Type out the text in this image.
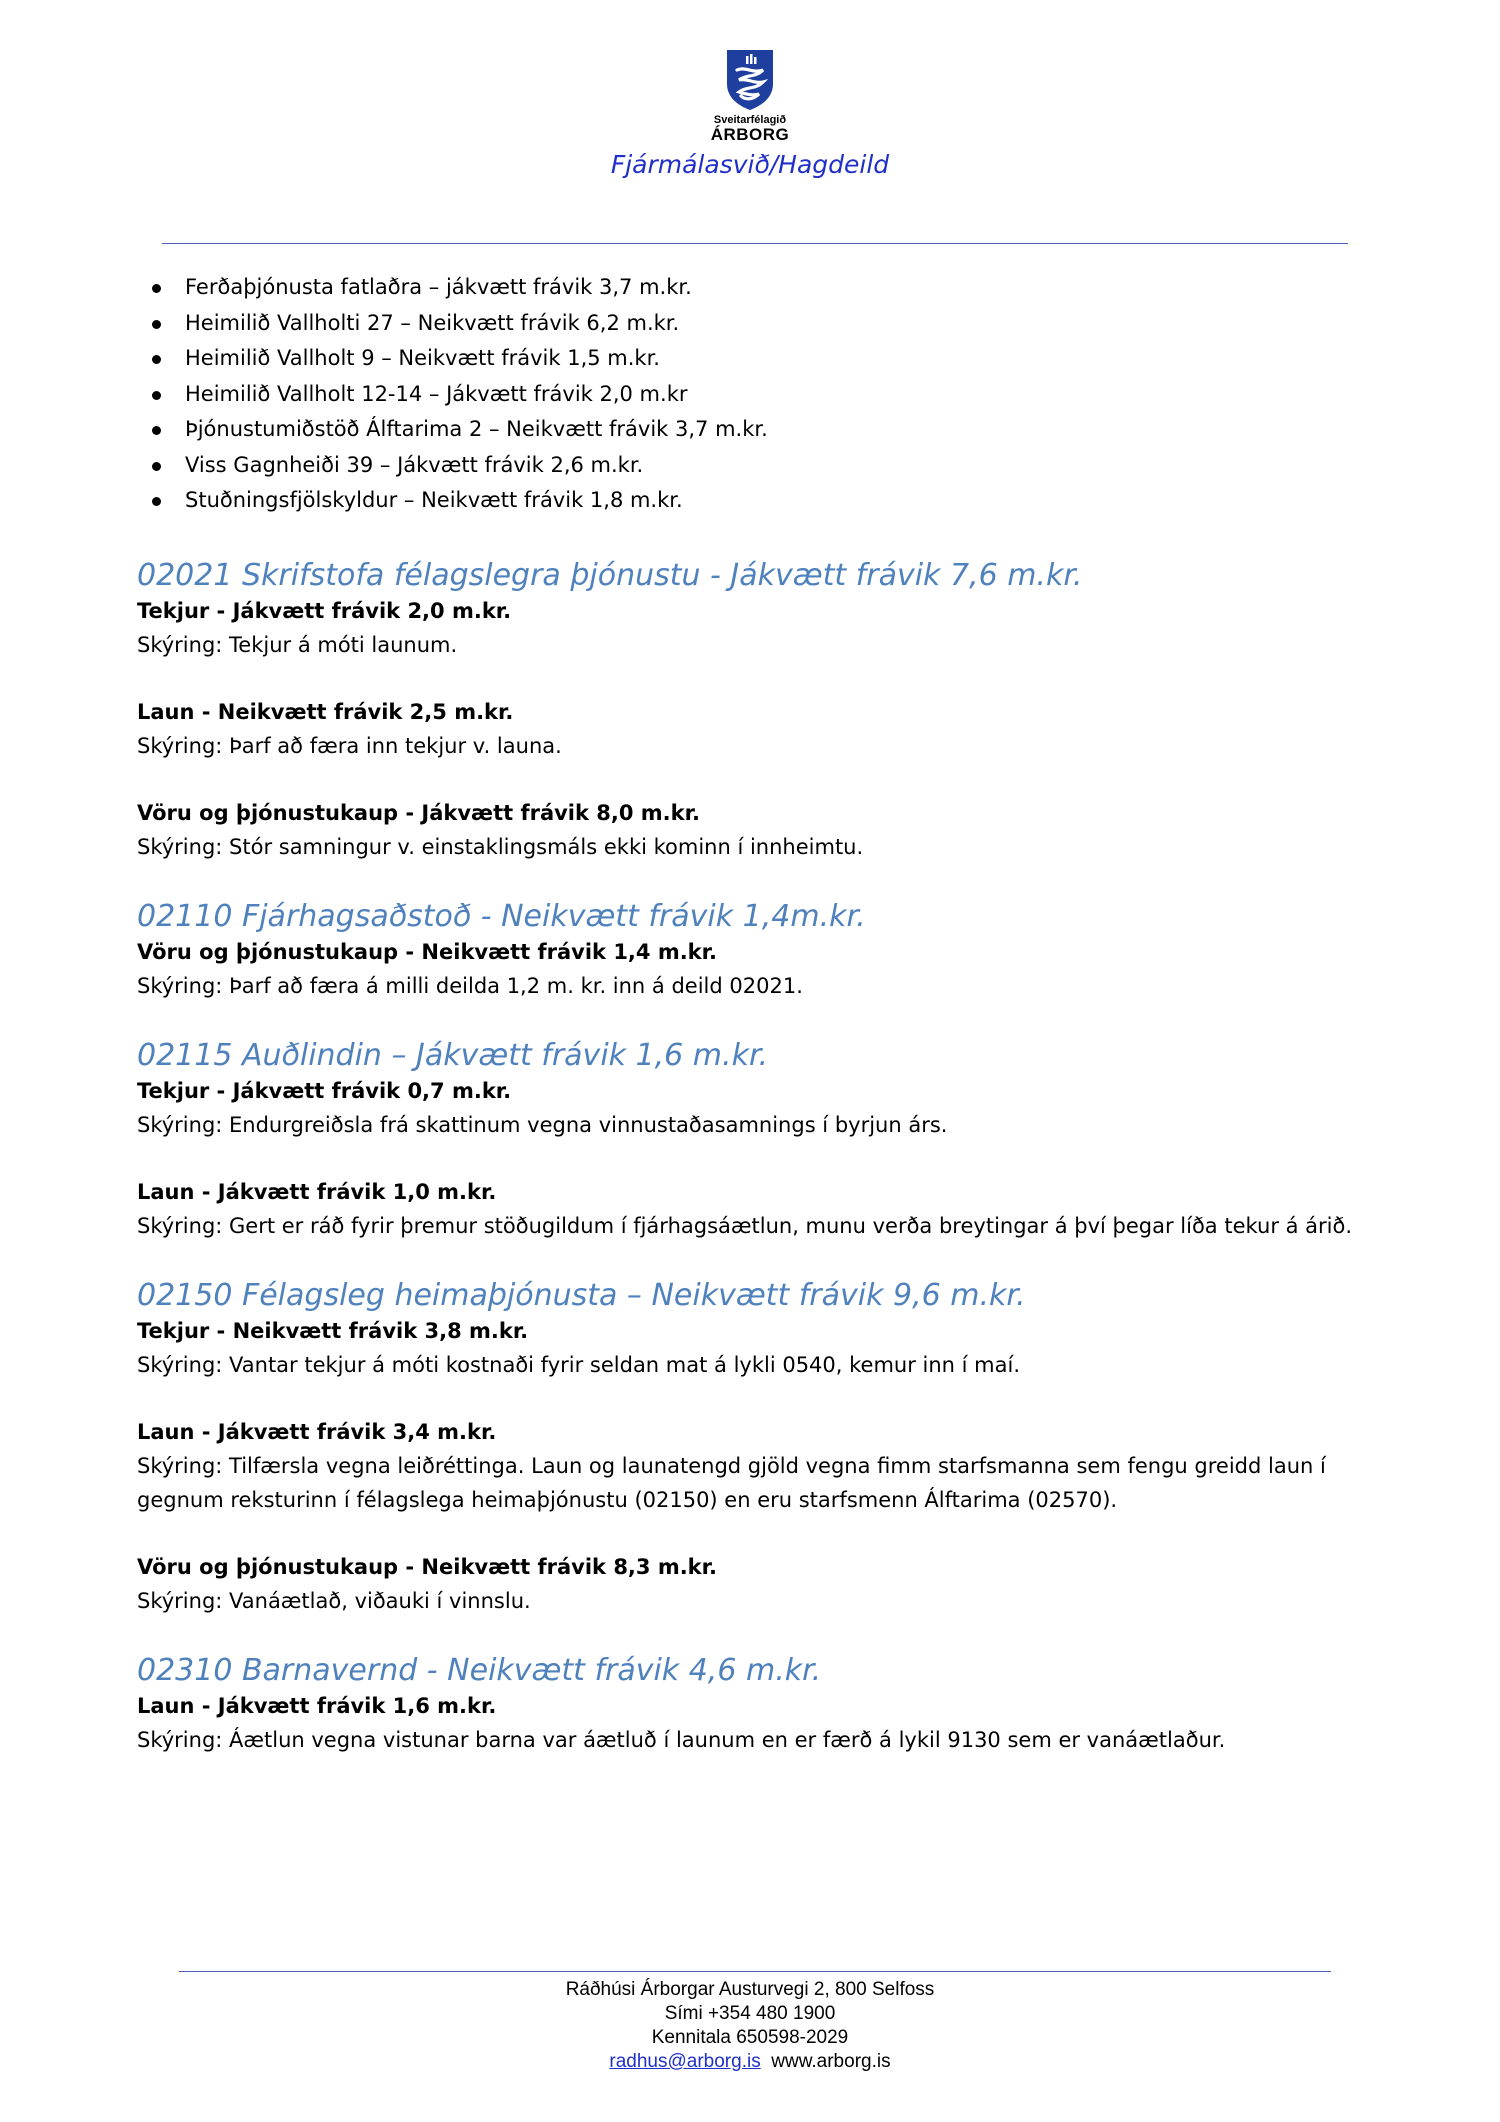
Sveitarfélagið
ÁRBORG
Fjármálasvið/Hagdeild
Ferðaþjónusta fatlaðra – jákvætt frávik 3,7 m.kr.
Heimilið Vallholti 27 – Neikvætt frávik 6,2 m.kr.
Heimilið Vallholt 9 – Neikvætt frávik 1,5 m.kr.
Heimilið Vallholt 12-14 – Jákvætt frávik 2,0 m.kr
Þjónustumiðstöð Álftarima 2 – Neikvætt frávik 3,7 m.kr.
Viss Gagnheiði 39 – Jákvætt frávik 2,6 m.kr.
Stuðningsfjölskyldur – Neikvætt frávik 1,8 m.kr.
02021 Skrifstofa félagslegra þjónustu - Jákvætt frávik 7,6 m.kr.
Tekjur - Jákvætt frávik 2,0 m.kr.
Skýring: Tekjur á móti launum.
Laun - Neikvætt frávik 2,5 m.kr.
Skýring: Þarf að færa inn tekjur v. launa.
Vöru og þjónustukaup - Jákvætt frávik 8,0 m.kr.
Skýring: Stór samningur v. einstaklingsmáls ekki kominn í innheimtu.
02110 Fjárhagsaðstoð - Neikvætt frávik 1,4m.kr.
Vöru og þjónustukaup - Neikvætt frávik 1,4 m.kr.
Skýring: Þarf að færa á milli deilda 1,2 m. kr. inn á deild 02021.
02115 Auðlindin – Jákvætt frávik 1,6 m.kr.
Tekjur - Jákvætt frávik 0,7 m.kr.
Skýring: Endurgreiðsla frá skattinum vegna vinnustaðasamnings í byrjun árs.
Laun - Jákvætt frávik 1,0 m.kr.
Skýring: Gert er ráð fyrir þremur stöðugildum í fjárhagsáætlun, munu verða breytingar á því þegar líða tekur á árið.
02150 Félagsleg heimaþjónusta – Neikvætt frávik 9,6 m.kr.
Tekjur - Neikvætt frávik 3,8 m.kr.
Skýring: Vantar tekjur á móti kostnaði fyrir seldan mat á lykli 0540, kemur inn í maí.
Laun - Jákvætt frávik 3,4 m.kr.
Skýring: Tilfærsla vegna leiðréttinga. Laun og launatengd gjöld vegna fimm starfsmanna sem fengu greidd laun í gegnum reksturinn í félagslega heimaþjónustu (02150) en eru starfsmenn Álftarima (02570).
Vöru og þjónustukaup - Neikvætt frávik 8,3 m.kr.
Skýring: Vanáætlað, viðauki í vinnslu.
02310 Barnavernd - Neikvætt frávik 4,6 m.kr.
Laun - Jákvætt frávik 1,6 m.kr.
Skýring: Áætlun vegna vistunar barna var áætluð í launum en er færð á lykil 9130 sem er vanáætlaður.
Ráðhúsi Árborgar Austurvegi 2, 800 Selfoss
Sími +354 480 1900
Kennitala 650598-2029
radhus@arborg.is www.arborg.is
